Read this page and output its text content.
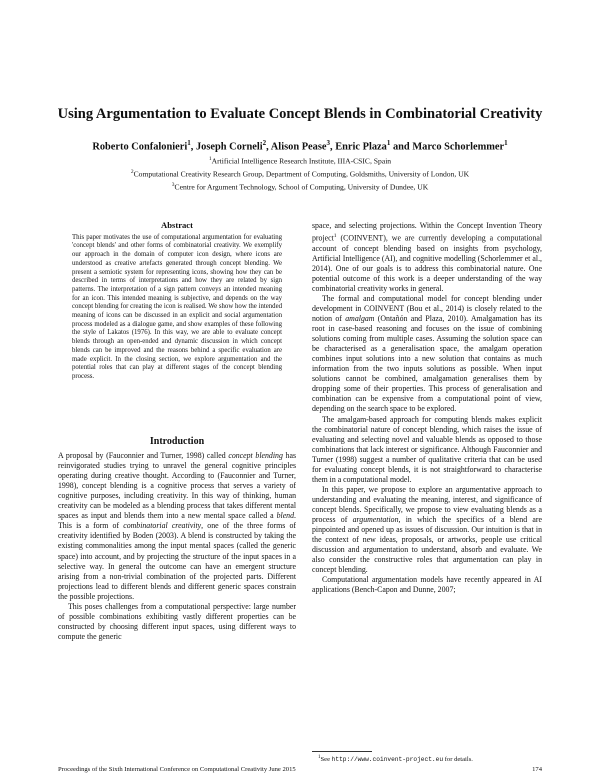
Using Argumentation to Evaluate Concept Blends in Combinatorial Creativity
Roberto Confalonieri$^1$, Joseph Corneli$^2$, Alison Pease$^3$, Enric Plaza$^1$ and Marco Schorlemmer$^1$
$^1$Artificial Intelligence Research Institute, IIIA-CSIC, Spain
$^2$Computational Creativity Research Group, Department of Computing, Goldsmiths, University of London, UK
$^3$Centre for Argument Technology, School of Computing, University of Dundee, UK
Abstract

This paper motivates the use of computational argumentation for evaluating 'concept blends' and other forms of combinatorial creativity. We exemplify our approach in the domain of computer icon design, where icons are understood as creative artefacts generated through concept blending. We present a semiotic system for representing icons, showing how they can be described in terms of interpretations and how they are related by sign patterns. The interpretation of a sign pattern conveys an intended meaning for an icon. This intended meaning is subjective, and depends on the way concept blending for creating the icon is realised. We show how the intended meaning of icons can be discussed in an explicit and social argumentation process modeled as a dialogue game, and show examples of these following the style of Lakatos (1976). In this way, we are able to evaluate concept blends through an open-ended and dynamic discussion in which concept blends can be improved and the reasons behind a specific evaluation are made explicit. In the closing section, we explore argumentation and the potential roles that can play at different stages of the concept blending process.

Introduction

A proposal by (Fauconnier and Turner, 1998) called concept blending has reinvigorated studies trying to unravel the general cognitive principles operating during creative thought. According to (Fauconnier and Turner, 1998), concept blending is a cognitive process that serves a variety of cognitive purposes, including creativity. In this way of thinking, human creativity can be modeled as a blending process that takes different mental spaces as input and blends them into a new mental space called a blend. This is a form of combinatorial creativity, one of the three forms of creativity identified by Boden (2003). A blend is constructed by taking the existing commonalities among the input mental spaces (called the generic space) into account, and by projecting the structure of the input spaces in a selective way. In general the outcome can have an emergent structure arising from a non-trivial combination of the projected parts. Different projections lead to different blends and different generic spaces constrain the possible projections.

This poses challenges from a computational perspective: large number of possible combinations exhibiting vastly different properties can be constructed by choosing different input spaces, using different ways to compute the generic

space, and selecting projections. Within the Concept Invention Theory project$^1$ (COINVENT), we are currently developing a computational account of concept blending based on insights from psychology, Artificial Intelligence (AI), and cognitive modelling (Schorlemmer et al., 2014). One of our goals is to address this combinatorial nature. One potential outcome of this work is a deeper understanding of the way combinatorial creativity works in general.

The formal and computational model for concept blending under development in COINVENT (Bou et al., 2014) is closely related to the notion of amalgam (Ontañón and Plaza, 2010). Amalgamation has its root in case-based reasoning and focuses on the issue of combining solutions coming from multiple cases. Assuming the solution space can be characterised as a generalisation space, the amalgam operation combines input solutions into a new solution that contains as much information from the two inputs solutions as possible. When input solutions cannot be combined, amalgamation generalises them by dropping some of their properties. This process of generalisation and combination can be expensive from a computational point of view, depending on the search space to be explored.

The amalgam-based approach for computing blends makes explicit the combinatorial nature of concept blending, which raises the issue of evaluating and selecting novel and valuable blends as opposed to those combinations that lack interest or significance. Although Fauconnier and Turner (1998) suggest a number of qualitative criteria that can be used for evaluating concept blends, it is not straightforward to characterise them in a computational model.

In this paper, we propose to explore an argumentative approach to understanding and evaluating the meaning, interest, and significance of concept blends. Specifically, we propose to view evaluating blends as a process of argumentation, in which the specifics of a blend are pinpointed and opened up as issues of discussion. Our intuition is that in the context of new ideas, proposals, or artworks, people use critical discussion and argumentation to understand, absorb and evaluate. We also consider the constructive roles that argumentation can play in concept blending.

Computational argumentation models have recently appeared in AI applications (Bench-Capon and Dunne, 2007;

$^1$See http://www.coinvent-project.eu for details.
Proceedings of the Sixth International Conference on Computational Creativity June 2015	174
